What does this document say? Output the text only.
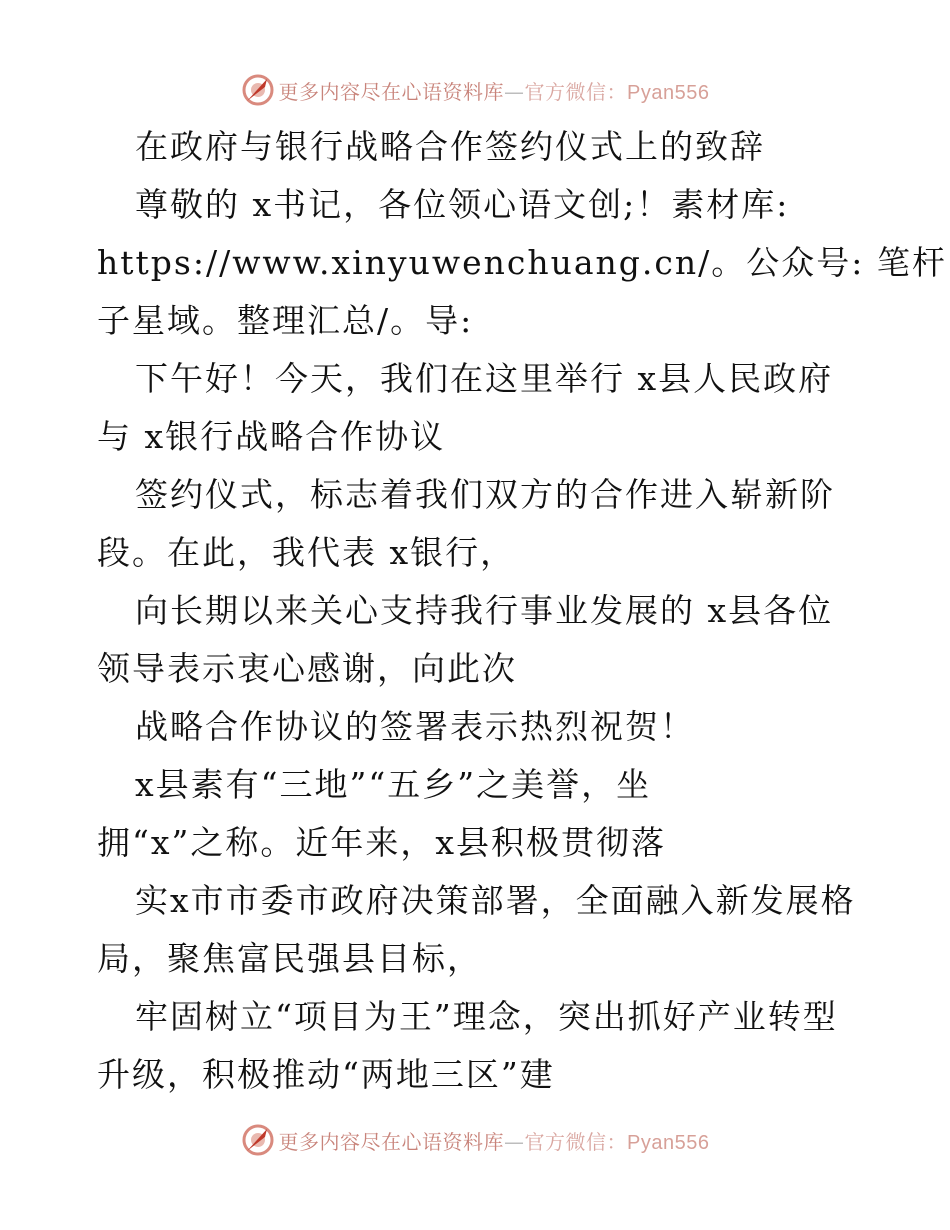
更多内容尽在心语资料库—官方微信：Pyan556
在政府与银行战略合作签约仪式上的致辞
尊敬的 x书记，各位领心语文创;！素材库:
https://www.xinyuwenchuang.cn/。公众号: 笔杆
子星域。整理汇总/。导:
下午好！今天，我们在这里举行 x县人民政府
与 x银行战略合作协议
签约仪式，标志着我们双方的合作进入崭新阶
段。在此，我代表 x银行，
向长期以来关心支持我行事业发展的 x县各位
领导表示衷心感谢，向此次
战略合作协议的签署表示热烈祝贺！
x县素有“三地”“五乡”之美誉，坐
拥“x”之称。近年来，x县积极贯彻落
实x市市委市政府决策部署，全面融入新发展格
局，聚焦富民强县目标，
牢固树立“项目为王”理念，突出抓好产业转型
升级，积极推动“两地三区”建
更多内容尽在心语资料库—官方微信：Pyan556
